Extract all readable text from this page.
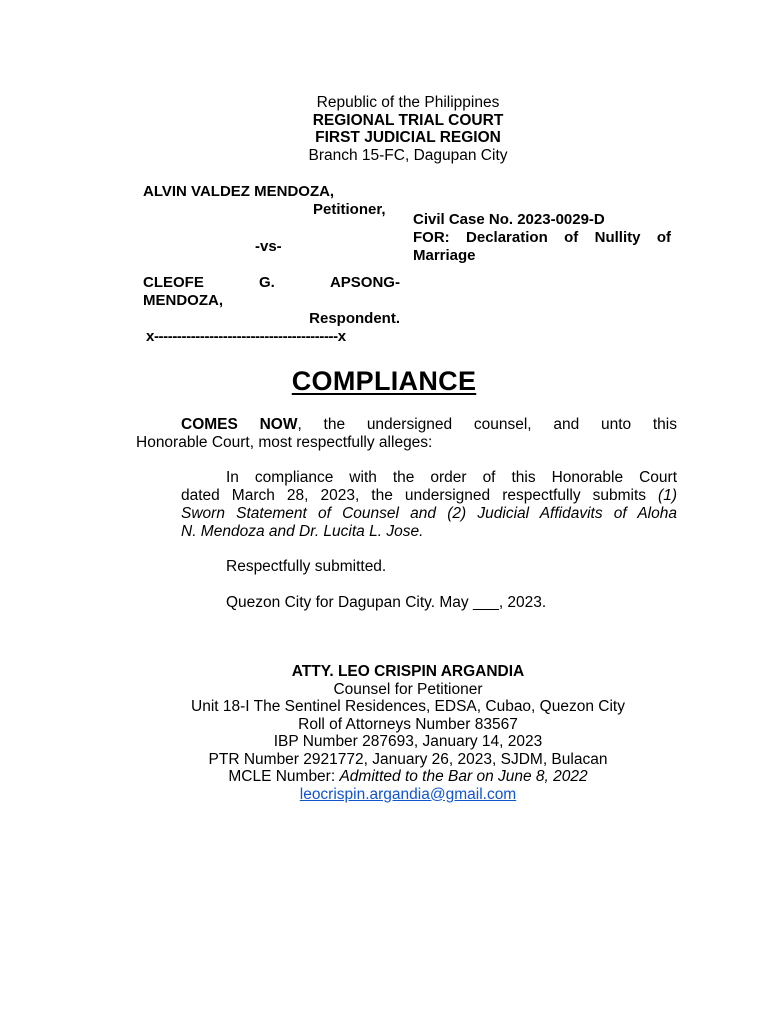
Republic of the Philippines
REGIONAL TRIAL COURT
FIRST JUDICIAL REGION
Branch 15-FC, Dagupan City
ALVIN VALDEZ MENDOZA,
Petitioner,
-vs-
CLEOFE	G.	APSONG-
MENDOZA,
Respondent.
x----------------------------------------x
Civil Case No. 2023-0029-D
FOR: Declaration of Nullity of
Marriage
COMPLIANCE
COMES NOW, the undersigned counsel, and unto this
Honorable Court, most respectfully alleges:
In compliance with the order of this Honorable Court
dated March 28, 2023, the undersigned respectfully submits (1)
Sworn Statement of Counsel and (2) Judicial Affidavits of Aloha
N. Mendoza and Dr. Lucita L. Jose.
Respectfully submitted.
Quezon City for Dagupan City. May ___, 2023.
ATTY. LEO CRISPIN ARGANDIA
Counsel for Petitioner
Unit 18-I The Sentinel Residences, EDSA, Cubao, Quezon City
Roll of Attorneys Number 83567
IBP Number 287693, January 14, 2023
PTR Number 2921772, January 26, 2023, SJDM, Bulacan
MCLE Number: Admitted to the Bar on June 8, 2022
leocrispin.argandia@gmail.com
